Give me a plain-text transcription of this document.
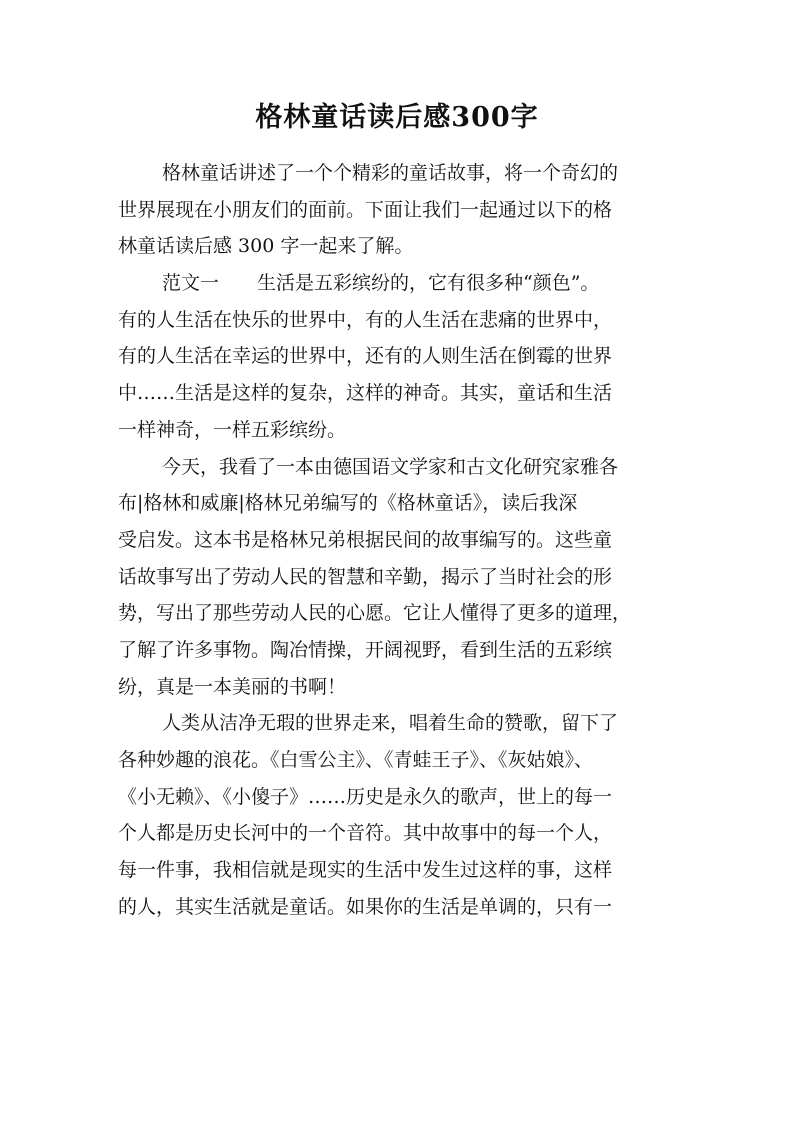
格林童话读后感300字

格林童话讲述了一个个精彩的童话故事，将一个奇幻的
世界展现在小朋友们的面前。下面让我们一起通过以下的格
林童话读后感 300 字一起来了解。

范文一　　生活是五彩缤纷的，它有很多种“颜色”。
有的人生活在快乐的世界中，有的人生活在悲痛的世界中，
有的人生活在幸运的世界中，还有的人则生活在倒霉的世界
中……生活是这样的复杂，这样的神奇。其实，童话和生活
一样神奇，一样五彩缤纷。

今天，我看了一本由德国语文学家和古文化研究家雅各
布|格林和威廉|格林兄弟编写的《格林童话》，读后我深
受启发。这本书是格林兄弟根据民间的故事编写的。这些童
话故事写出了劳动人民的智慧和辛勤，揭示了当时社会的形
势，写出了那些劳动人民的心愿。它让人懂得了更多的道理，
了解了许多事物。陶冶情操，开阔视野，看到生活的五彩缤
纷，真是一本美丽的书啊！

人类从洁净无瑕的世界走来，唱着生命的赞歌，留下了
各种妙趣的浪花。《白雪公主》、《青蛙王子》、《灰姑娘》、
《小无赖》、《小傻子》……历史是永久的歌声，世上的每一
个人都是历史长河中的一个音符。其中故事中的每一个人，
每一件事，我相信就是现实的生活中发生过这样的事，这样
的人，其实生活就是童话。如果你的生活是单调的，只有一
